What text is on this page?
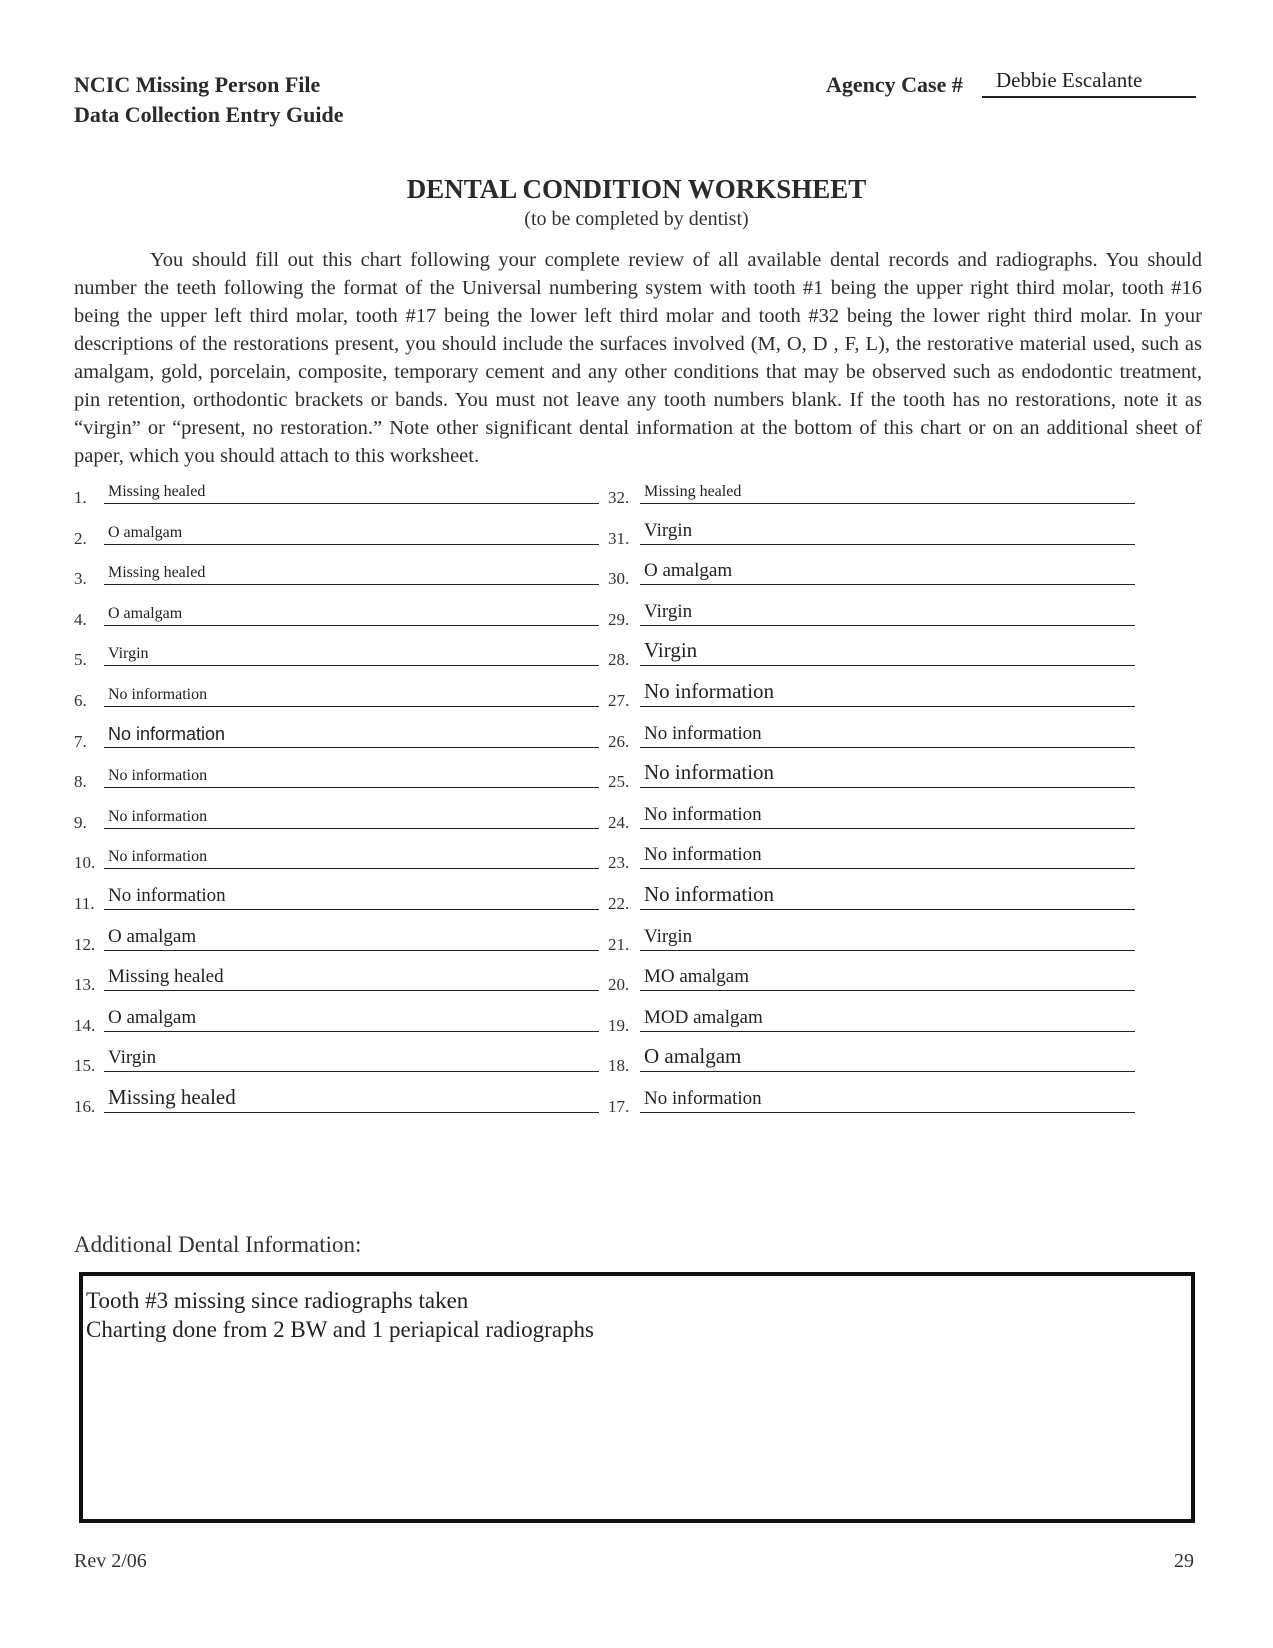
NCIC Missing Person File
Data Collection Entry Guide
Agency Case # Debbie Escalante
DENTAL CONDITION WORKSHEET
(to be completed by dentist)
You should fill out this chart following your complete review of all available dental records and radiographs. You should number the teeth following the format of the Universal numbering system with tooth #1 being the upper right third molar, tooth #16 being the upper left third molar, tooth #17 being the lower left third molar and tooth #32 being the lower right third molar. In your descriptions of the restorations present, you should include the surfaces involved (M, O, D , F, L), the restorative material used, such as amalgam, gold, porcelain, composite, temporary cement and any other conditions that may be observed such as endodontic treatment, pin retention, orthodontic brackets or bands. You must not leave any tooth numbers blank. If the tooth has no restorations, note it as “virgin” or “present, no restoration.” Note other significant dental information at the bottom of this chart or on an additional sheet of paper, which you should attach to this worksheet.
1. Missing healed
2. O amalgam
3. Missing healed
4. O amalgam
5. Virgin
6. No information
7. No information
8. No information
9. No information
10. No information
11. No information
12. O amalgam
13. Missing healed
14. O amalgam
15. Virgin
16. Missing healed
32. Missing healed
31. Virgin
30. O amalgam
29. Virgin
28. Virgin
27. No information
26. No information
25. No information
24. No information
23. No information
22. No information
21. Virgin
20. MO amalgam
19. MOD amalgam
18. O amalgam
17. No information
Additional Dental Information:
Tooth #3 missing since radiographs taken
Charting done from 2 BW and 1 periapical radiographs
Rev 2/06	29
